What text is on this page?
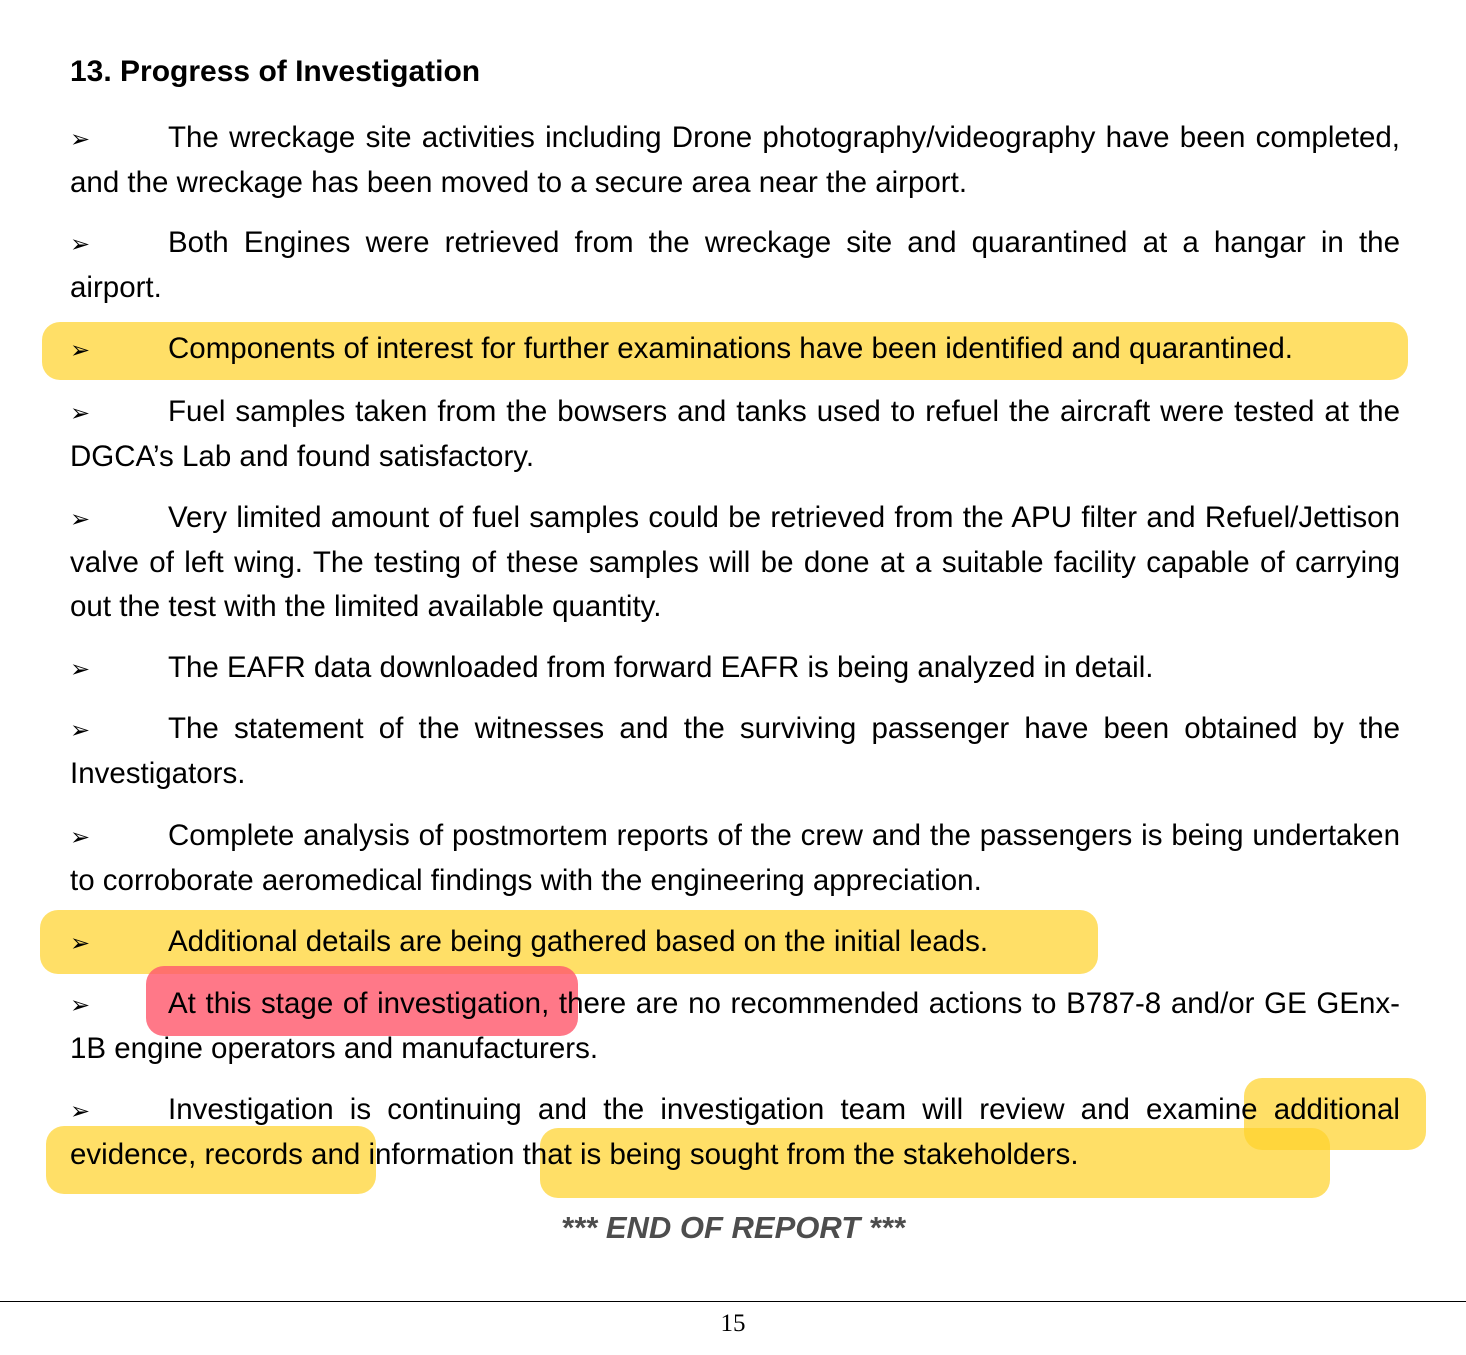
13. Progress of Investigation
➢	The wreckage site activities including Drone photography/videography have been completed, and the wreckage has been moved to a secure area near the airport.
➢	Both Engines were retrieved from the wreckage site and quarantined at a hangar in the airport.
➢	Components of interest for further examinations have been identified and quarantined.
➢	Fuel samples taken from the bowsers and tanks used to refuel the aircraft were tested at the DGCA’s Lab and found satisfactory.
➢	Very limited amount of fuel samples could be retrieved from the APU filter and Refuel/Jettison valve of left wing. The testing of these samples will be done at a suitable facility capable of carrying out the test with the limited available quantity.
➢	The EAFR data downloaded from forward EAFR is being analyzed in detail.
➢	The statement of the witnesses and the surviving passenger have been obtained by the Investigators.
➢	Complete analysis of postmortem reports of the crew and the passengers is being undertaken to corroborate aeromedical findings with the engineering appreciation.
➢	Additional details are being gathered based on the initial leads.
➢	At this stage of investigation, there are no recommended actions to B787-8 and/or GE GEnx-1B engine operators and manufacturers.
➢	Investigation is continuing and the investigation team will review and examine additional evidence, records and information that is being sought from the stakeholders.
*** END OF REPORT ***
15
